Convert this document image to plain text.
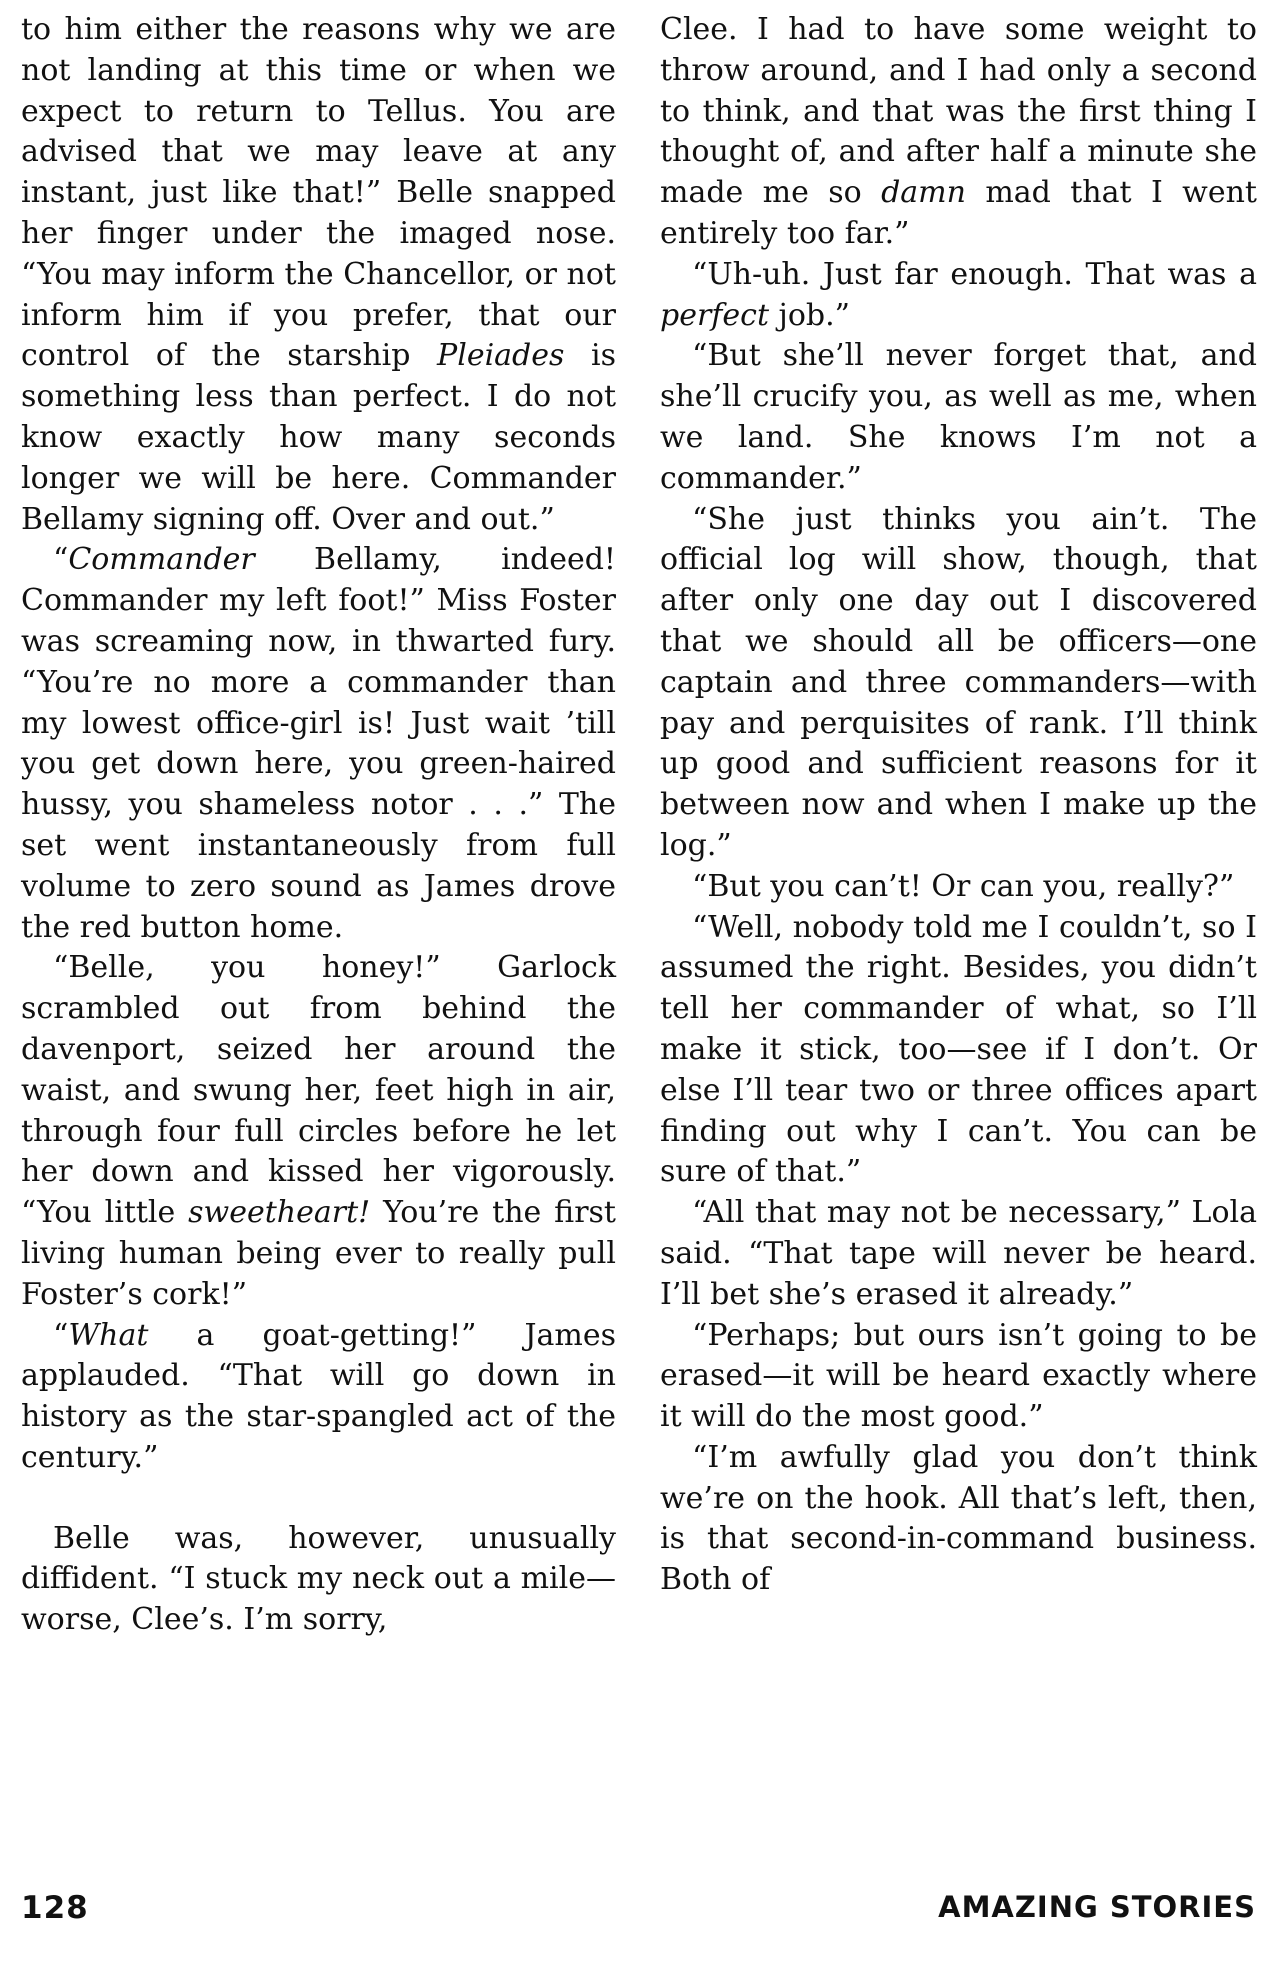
to him either the reasons why we are not landing at this time or when we expect to return to Tellus. You are advised that we may leave at any instant, just like that!” Belle snapped her finger under the imaged nose. “You may inform the Chancellor, or not inform him if you prefer, that our control of the starship Pleiades is something less than perfect. I do not know exactly how many seconds longer we will be here. Commander Bellamy signing off. Over and out.”

“Commander Bellamy, indeed! Commander my left foot!” Miss Foster was screaming now, in thwarted fury. “You’re no more a commander than my lowest office-girl is! Just wait ’till you get down here, you green-haired hussy, you shameless notor . . .” The set went instantaneously from full volume to zero sound as James drove the red button home.

“Belle, you honey!” Garlock scrambled out from behind the davenport, seized her around the waist, and swung her, feet high in air, through four full circles before he let her down and kissed her vigorously. “You little sweetheart! You’re the first living human being ever to really pull Foster’s cork!”

“What a goat-getting!” James applauded. “That will go down in history as the star-spangled act of the century.”

Belle was, however, unusually diffident. “I stuck my neck out a mile—worse, Clee’s. I’m sorry,

Clee. I had to have some weight to throw around, and I had only a second to think, and that was the first thing I thought of, and after half a minute she made me so damn mad that I went entirely too far.”

“Uh-uh. Just far enough. That was a perfect job.”

“But she’ll never forget that, and she’ll crucify you, as well as me, when we land. She knows I’m not a commander.”

“She just thinks you ain’t. The official log will show, though, that after only one day out I discovered that we should all be officers—one captain and three commanders—with pay and perquisites of rank. I’ll think up good and sufficient reasons for it between now and when I make up the log.”

“But you can’t! Or can you, really?”

“Well, nobody told me I couldn’t, so I assumed the right. Besides, you didn’t tell her commander of what, so I’ll make it stick, too—see if I don’t. Or else I’ll tear two or three offices apart finding out why I can’t. You can be sure of that.”

“All that may not be necessary,” Lola said. “That tape will never be heard. I’ll bet she’s erased it already.”

“Perhaps; but ours isn’t going to be erased—it will be heard exactly where it will do the most good.”

“I’m awfully glad you don’t think we’re on the hook. All that’s left, then, is that second-in-command business. Both of

128	AMAZING STORIES
